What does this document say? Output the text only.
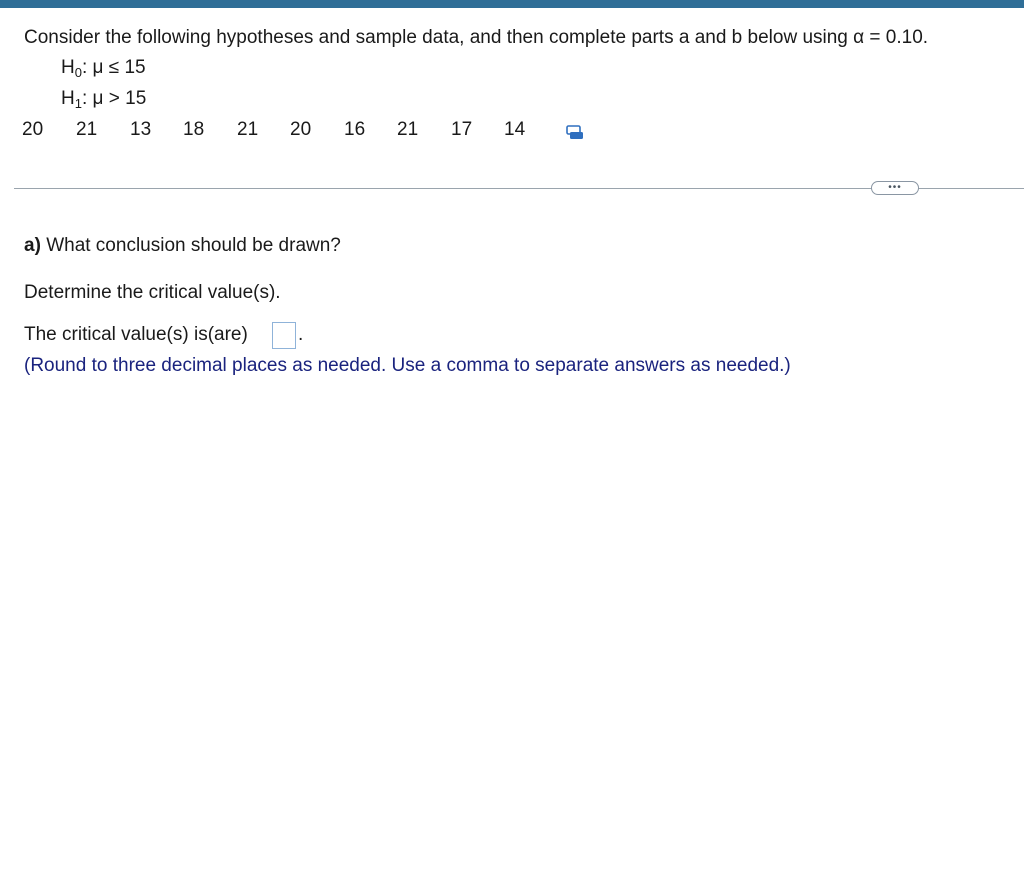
Consider the following hypotheses and sample data, and then complete parts a and b below using α = 0.10.
$H_0$: μ ≤ 15
$H_1$: μ > 15
20 21 13 18 21 20 16 21 17 14
•••
a) What conclusion should be drawn?
Determine the critical value(s).
The critical value(s) is(are)	.
(Round to three decimal places as needed. Use a comma to separate answers as needed.)
